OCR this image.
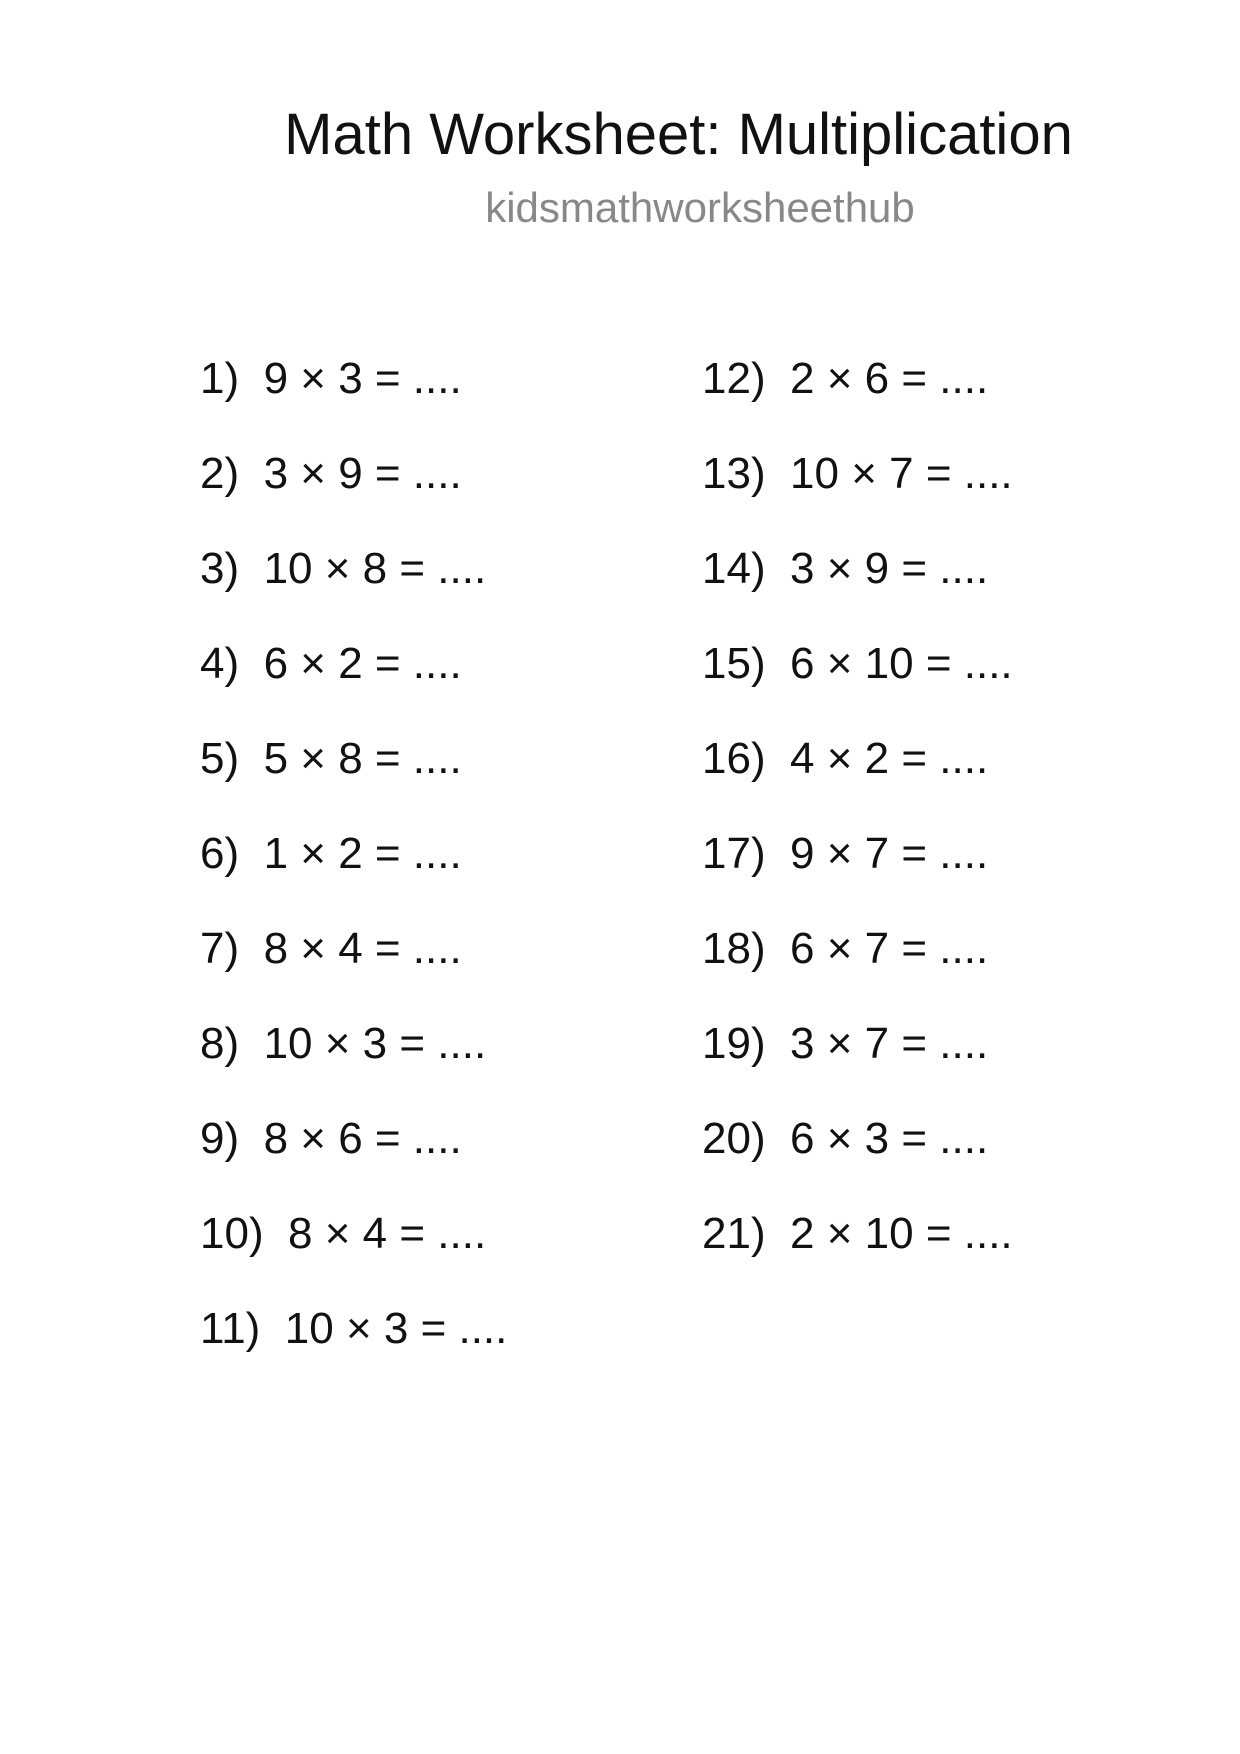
Math Worksheet: Multiplication
kidsmathworksheethub
1) 9 × 3 = ....
2) 3 × 9 = ....
3) 10 × 8 = ....
4) 6 × 2 = ....
5) 5 × 8 = ....
6) 1 × 2 = ....
7) 8 × 4 = ....
8) 10 × 3 = ....
9) 8 × 6 = ....
10) 8 × 4 = ....
11) 10 × 3 = ....
12) 2 × 6 = ....
13) 10 × 7 = ....
14) 3 × 9 = ....
15) 6 × 10 = ....
16) 4 × 2 = ....
17) 9 × 7 = ....
18) 6 × 7 = ....
19) 3 × 7 = ....
20) 6 × 3 = ....
21) 2 × 10 = ....
